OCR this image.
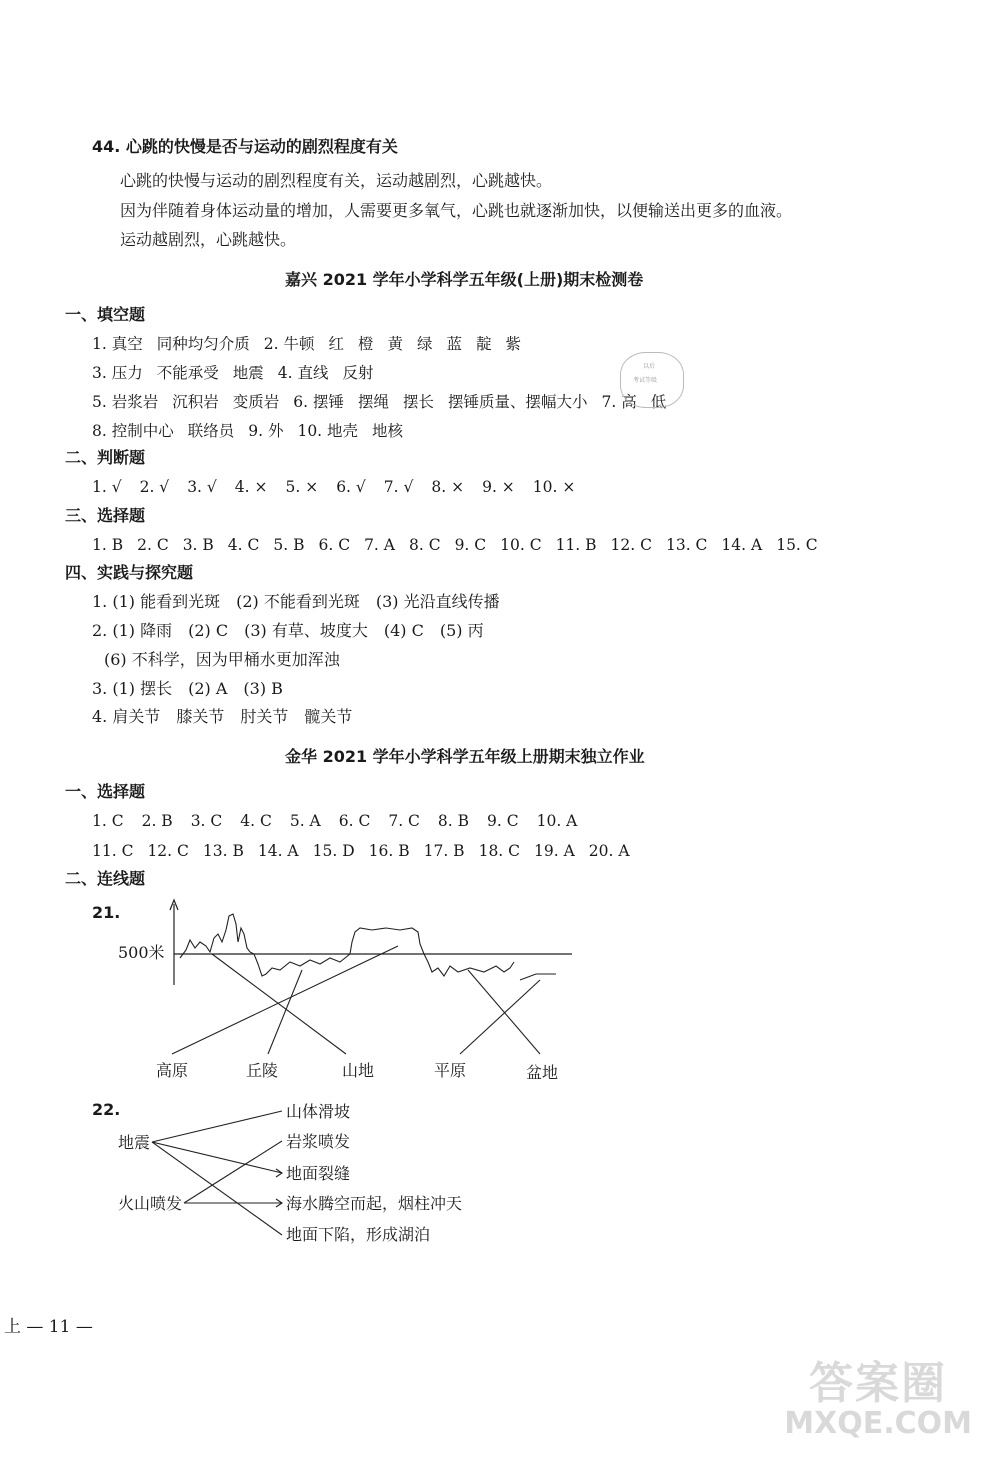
44. 心跳的快慢是否与运动的剧烈程度有关
心跳的快慢与运动的剧烈程度有关，运动越剧烈，心跳越快。
因为伴随着身体运动量的增加，人需要更多氧气，心跳也就逐渐加快，以便输送出更多的血液。
运动越剧烈，心跳越快。
嘉兴 2021 学年小学科学五年级(上册)期末检测卷
一、填空题
1. 真空 同种均匀介质 2. 牛顿 红 橙 黄 绿 蓝 靛 紫
3. 压力 不能承受 地震 4. 直线 反射
5. 岩浆岩 沉积岩 变质岩 6. 摆锤 摆绳 摆长 摆锤质量、摆幅大小 7. 高 低
8. 控制中心 联络员 9. 外 10. 地壳 地核
以后
考试等级
二、判断题
1. √ 2. √ 3. √ 4. × 5. × 6. √ 7. √ 8. × 9. × 10. ×
三、选择题
1. B 2. C 3. B 4. C 5. B 6. C 7. A 8. C 9. C 10. C 11. B 12. C 13. C 14. A 15. C
四、实践与探究题
1. (1) 能看到光斑　(2) 不能看到光斑　(3) 光沿直线传播
2. (1) 降雨　(2) C　(3) 有草、坡度大　(4) C　(5) 丙
(6) 不科学，因为甲桶水更加浑浊
3. (1) 摆长　(2) A　(3) B
4. 肩关节　膝关节　肘关节　髋关节
金华 2021 学年小学科学五年级上册期末独立作业
一、选择题
1. C 2. B 3. C 4. C 5. A 6. C 7. C 8. B 9. C 10. A
11. C 12. C 13. B 14. A 15. D 16. B 17. B 18. C 19. A 20. A
二、连线题
21.
500米
高原	丘陵	山地	平原	盆地
22.
地震
火山喷发
山体滑坡
岩浆喷发
地面裂缝
海水腾空而起，烟柱冲天
地面下陷，形成湖泊
上 — 11 —
答案圈
MXQE.COM
